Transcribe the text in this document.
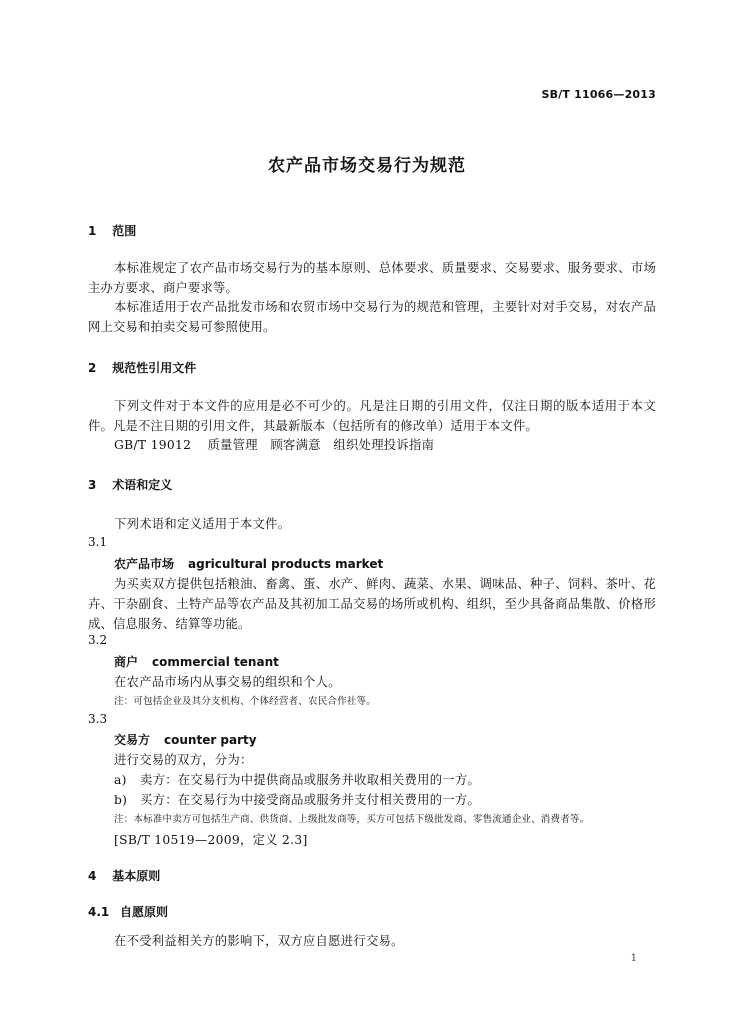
SB/T 11066—2013
农产品市场交易行为规范
1 范围
本标准规定了农产品市场交易行为的基本原则、总体要求、质量要求、交易要求、服务要求、市场主办方要求、商户要求等。
本标准适用于农产品批发市场和农贸市场中交易行为的规范和管理，主要针对对手交易，对农产品网上交易和拍卖交易可参照使用。
2 规范性引用文件
下列文件对于本文件的应用是必不可少的。凡是注日期的引用文件，仅注日期的版本适用于本文件。凡是不注日期的引用文件，其最新版本（包括所有的修改单）适用于本文件。
GB/T 19012 质量管理　顾客满意　组织处理投诉指南
3 术语和定义
下列术语和定义适用于本文件。
3.1
农产品市场 agricultural products market
为买卖双方提供包括粮油、畜禽、蛋、水产、鲜肉、蔬菜、水果、调味品、种子、饲料、茶叶、花卉、干杂副食、土特产品等农产品及其初加工品交易的场所或机构、组织，至少具备商品集散、价格形成、信息服务、结算等功能。
3.2
商户 commercial tenant
在农产品市场内从事交易的组织和个人。
注：可包括企业及其分支机构、个体经营者、农民合作社等。
3.3
交易方 counter party
进行交易的双方，分为：
a) 卖方：在交易行为中提供商品或服务并收取相关费用的一方。
b) 买方：在交易行为中接受商品或服务并支付相关费用的一方。
注：本标准中卖方可包括生产商、供货商、上级批发商等，买方可包括下级批发商、零售流通企业、消费者等。
[SB/T 10519—2009，定义 2.3]
4 基本原则
4.1 自愿原则
在不受利益相关方的影响下，双方应自愿进行交易。
1
